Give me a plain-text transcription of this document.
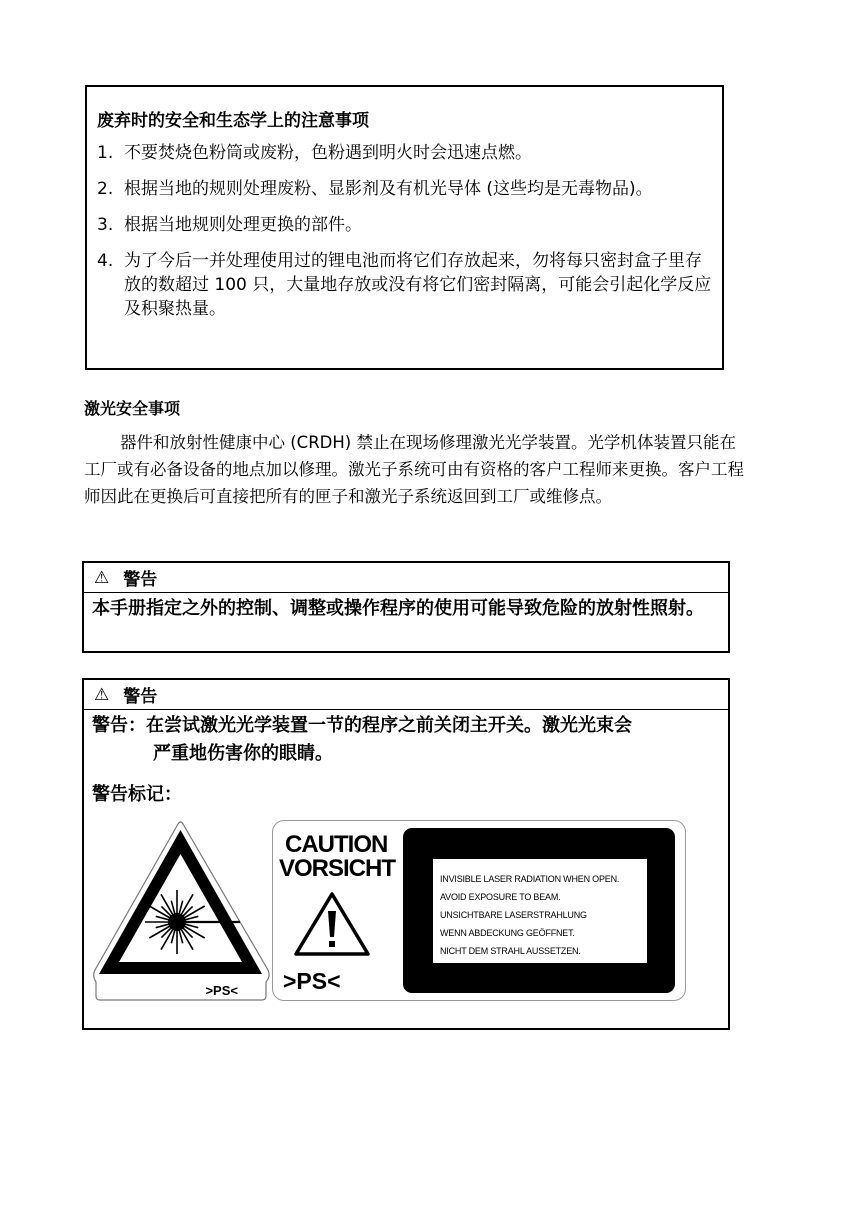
废弃时的安全和生态学上的注意事项
1. 不要焚烧色粉筒或废粉，色粉遇到明火时会迅速点燃。
2. 根据当地的规则处理废粉、显影剂及有机光导体 (这些均是无毒物品)。
3. 根据当地规则处理更换的部件。
4. 为了今后一并处理使用过的锂电池而将它们存放起来，勿将每只密封盒子里存放的数超过 100 只，大量地存放或没有将它们密封隔离，可能会引起化学反应及积聚热量。
激光安全事项

器件和放射性健康中心 (CRDH) 禁止在现场修理激光光学装置。光学机体装置只能在工厂或有必备设备的地点加以修理。激光子系统可由有资格的客户工程师来更换。客户工程师因此在更换后可直接把所有的匣子和激光子系统返回到工厂或维修点。

⚠ 警告
本手册指定之外的控制、调整或操作程序的使用可能导致危险的放射性照射。
⚠ 警告
警告：在尝试激光光学装置一节的程序之前关闭主开关。激光光束会
严重地伤害你的眼睛。
警告标记：
>PS<
CAUTION
VORSICHT
>PS<
INVISIBLE LASER RADIATION WHEN OPEN.
AVOID EXPOSURE TO BEAM.
UNSICHTBARE LASERSTRAHLUNG
WENN ABDECKUNG GEÖFFNET.
NICHT DEM STRAHL AUSSETZEN.
